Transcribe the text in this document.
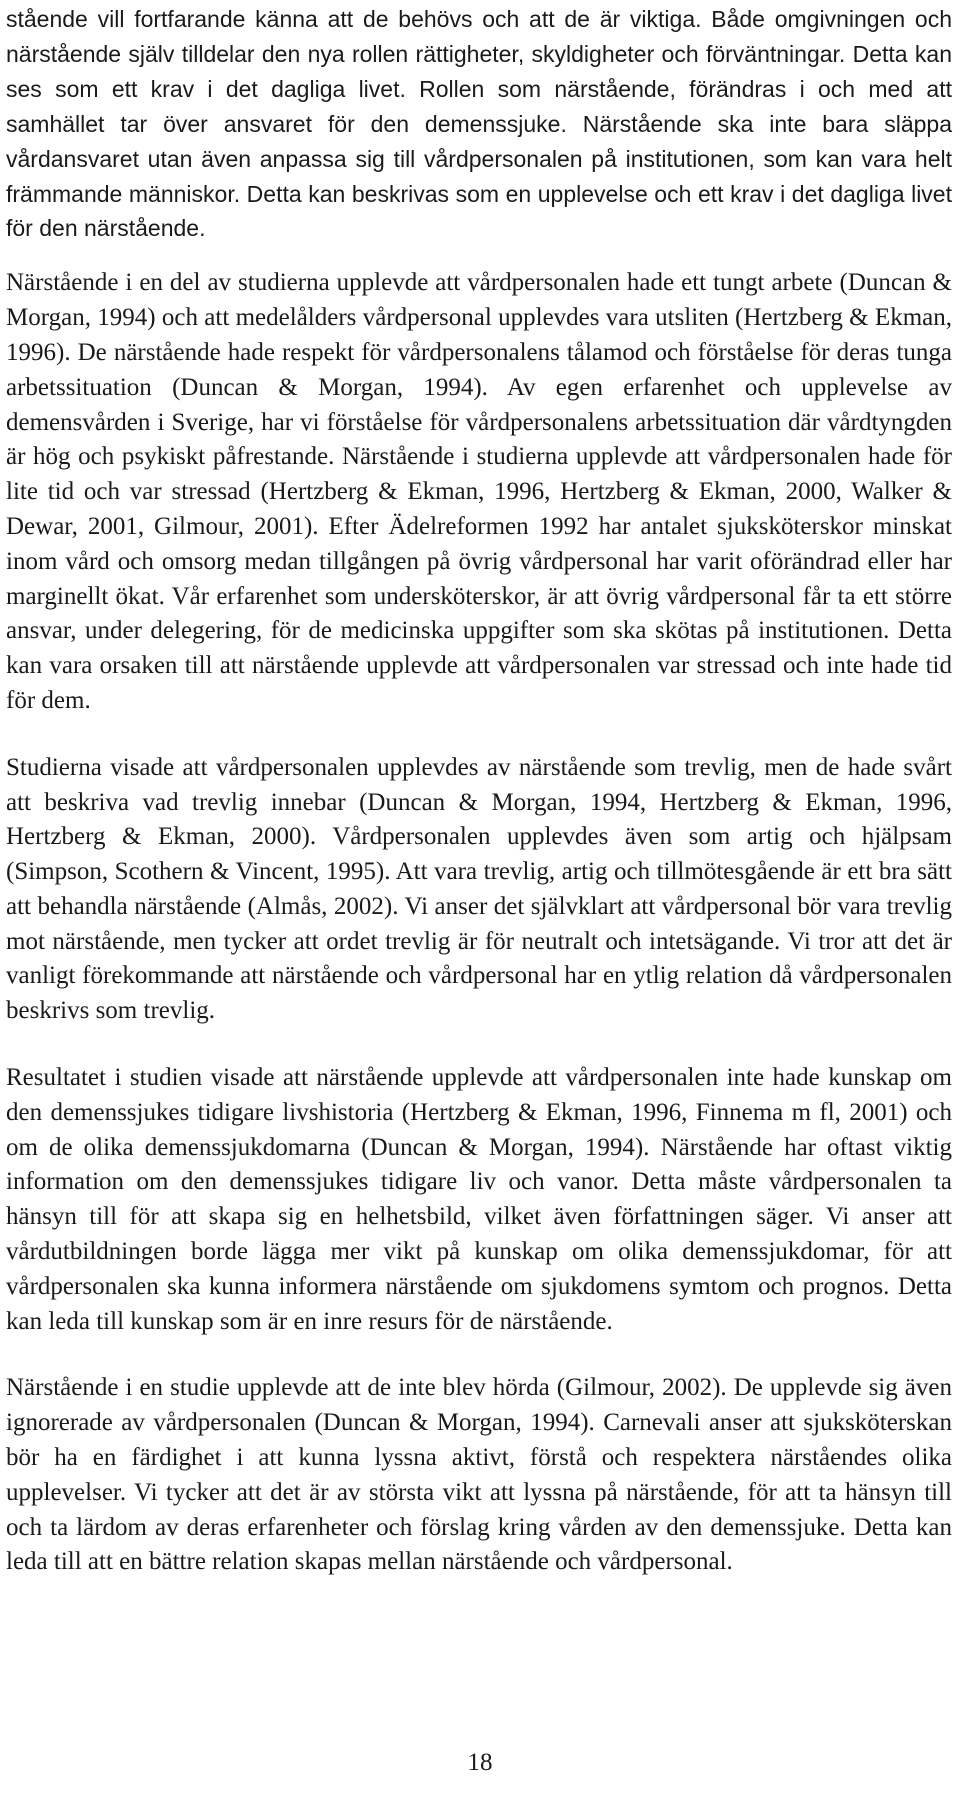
stående vill fortfarande känna att de behövs och att de är viktiga. Både omgivningen och närstående själv tilldelar den nya rollen rättigheter, skyldigheter och förväntningar. Detta kan ses som ett krav i det dagliga livet. Rollen som närstående, förändras i och med att samhället tar över ansvaret för den demenssjuke. Närstående ska inte bara släppa vårdansvaret utan även anpassa sig till vårdpersonalen på institutionen, som kan vara helt främmande människor. Detta kan beskrivas som en upplevelse och ett krav i det dagliga livet för den närstående.

Närstående i en del av studierna upplevde att vårdpersonalen hade ett tungt arbete (Duncan & Morgan, 1994) och att medelålders vårdpersonal upplevdes vara utsliten (Hertzberg & Ekman, 1996). De närstående hade respekt för vårdpersonalens tålamod och förståelse för deras tunga arbetssituation (Duncan & Morgan, 1994). Av egen erfarenhet och upplevelse av demensvården i Sverige, har vi förståelse för vårdpersonalens arbetssituation där vårdtyngden är hög och psykiskt påfrestande. Närstående i studierna upplevde att vårdpersonalen hade för lite tid och var stressad (Hertzberg & Ekman, 1996, Hertzberg & Ekman, 2000, Walker & Dewar, 2001, Gilmour, 2001). Efter Ädelreformen 1992 har antalet sjuksköterskor minskat inom vård och omsorg medan tillgången på övrig vårdpersonal har varit oförändrad eller har marginellt ökat. Vår erfarenhet som undersköterskor, är att övrig vårdpersonal får ta ett större ansvar, under delegering, för de medicinska uppgifter som ska skötas på institutionen. Detta kan vara orsaken till att närstående upplevde att vårdpersonalen var stressad och inte hade tid för dem.

Studierna visade att vårdpersonalen upplevdes av närstående som trevlig, men de hade svårt att beskriva vad trevlig innebar (Duncan & Morgan, 1994, Hertzberg & Ekman, 1996, Hertzberg & Ekman, 2000). Vårdpersonalen upplevdes även som artig och hjälpsam (Simpson, Scothern & Vincent, 1995). Att vara trevlig, artig och tillmötesgående är ett bra sätt att behandla närstående (Almås, 2002). Vi anser det självklart att vårdpersonal bör vara trevlig mot närstående, men tycker att ordet trevlig är för neutralt och intetsägande. Vi tror att det är vanligt förekommande att närstående och vårdpersonal har en ytlig relation då vårdpersonalen beskrivs som trevlig.

Resultatet i studien visade att närstående upplevde att vårdpersonalen inte hade kunskap om den demenssjukes tidigare livshistoria (Hertzberg & Ekman, 1996, Finnema m fl, 2001) och om de olika demenssjukdomarna (Duncan & Morgan, 1994). Närstående har oftast viktig information om den demenssjukes tidigare liv och vanor. Detta måste vårdpersonalen ta hänsyn till för att skapa sig en helhetsbild, vilket även författningen säger. Vi anser att vårdutbildningen borde lägga mer vikt på kunskap om olika demenssjukdomar, för att vårdpersonalen ska kunna informera närstående om sjukdomens symtom och prognos. Detta kan leda till kunskap som är en inre resurs för de närstående.

Närstående i en studie upplevde att de inte blev hörda (Gilmour, 2002). De upplevde sig även ignorerade av vårdpersonalen (Duncan & Morgan, 1994). Carnevali anser att sjuksköterskan bör ha en färdighet i att kunna lyssna aktivt, förstå och respektera närståendes olika upplevelser. Vi tycker att det är av största vikt att lyssna på närstående, för att ta hänsyn till och ta lärdom av deras erfarenheter och förslag kring vården av den demenssjuke. Detta kan leda till att en bättre relation skapas mellan närstående och vårdpersonal.

18
